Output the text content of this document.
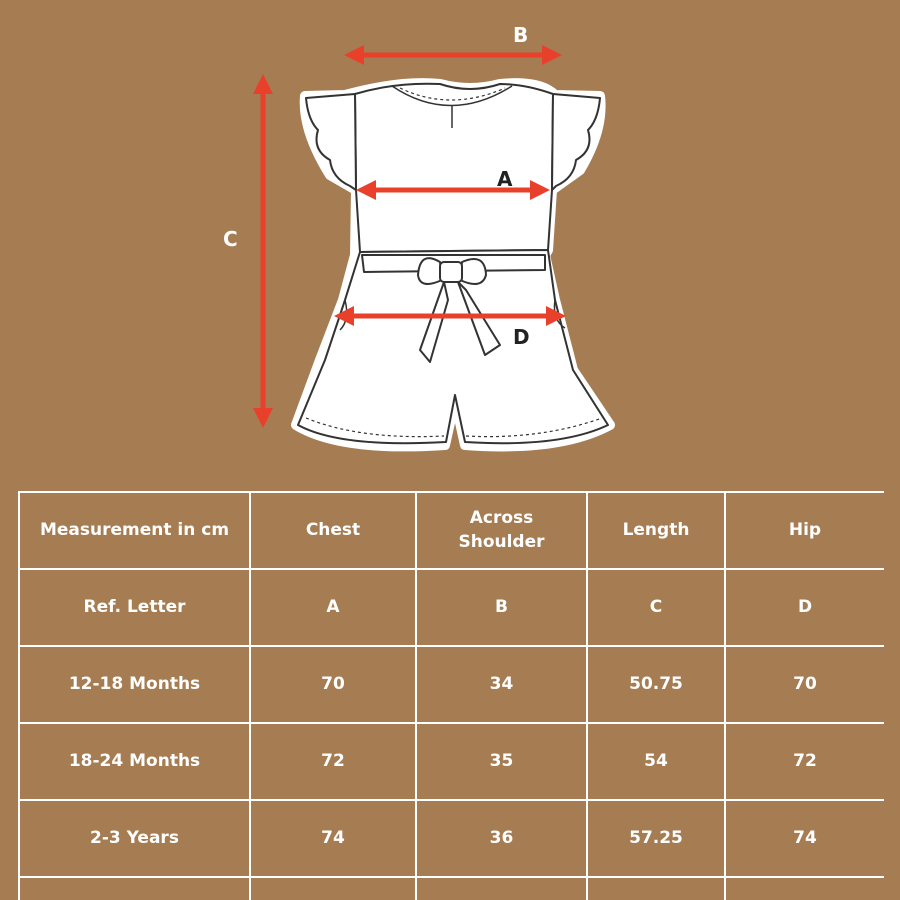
B
A
D
C
Measurement in cm	Chest	Across Shoulder	Length	Hip
Ref. Letter	A	B	C	D
12-18 Months	70	34	50.75	70
18-24 Months	72	35	54	72
2-3 Years	74	36	57.25	74
